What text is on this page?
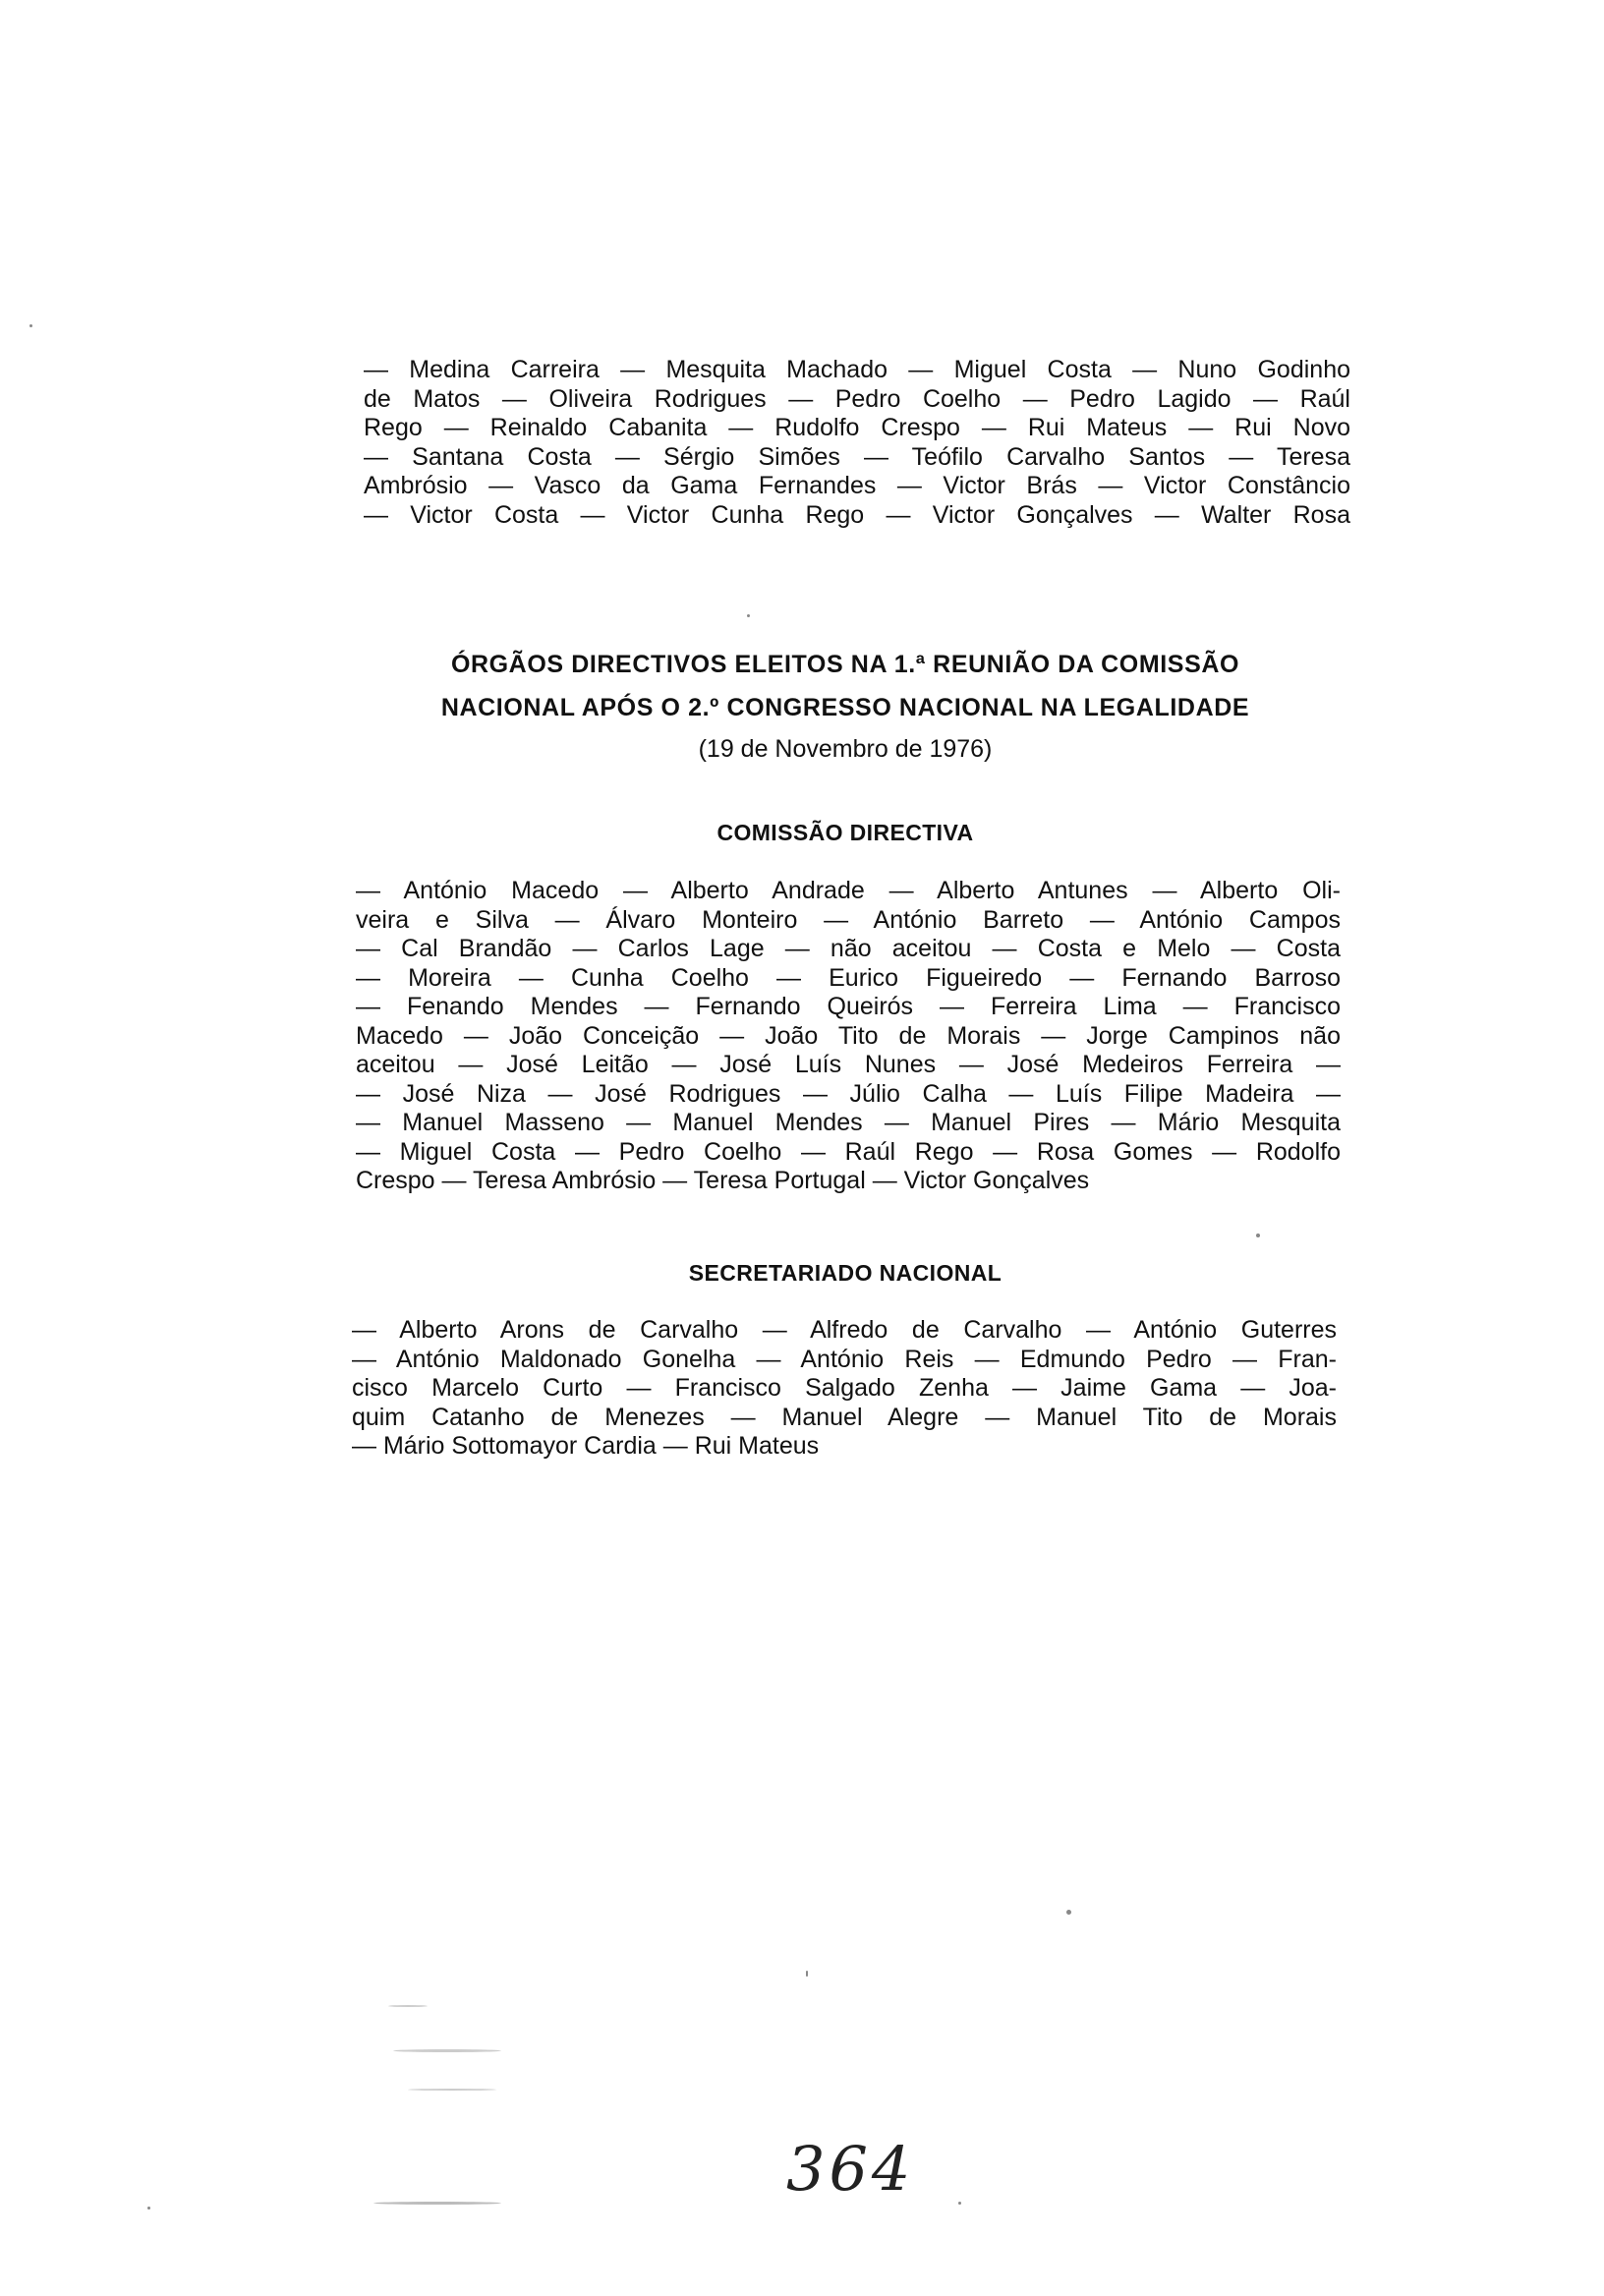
— Medina Carreira — Mesquita Machado — Miguel Costa — Nuno Godinho
de Matos — Oliveira Rodrigues — Pedro Coelho — Pedro Lagido — Raúl
Rego — Reinaldo Cabanita — Rudolfo Crespo — Rui Mateus — Rui Novo
— Santana Costa — Sérgio Simões — Teófilo Carvalho Santos — Teresa
Ambrósio — Vasco da Gama Fernandes — Victor Brás — Victor Constâncio
— Victor Costa — Victor Cunha Rego — Victor Gonçalves — Walter Rosa
ÓRGÃOS DIRECTIVOS ELEITOS NA 1.ª REUNIÃO DA COMISSÃO
NACIONAL APÓS O 2.º CONGRESSO NACIONAL NA LEGALIDADE
(19 de Novembro de 1976)
COMISSÃO DIRECTIVA
— António Macedo — Alberto Andrade — Alberto Antunes — Alberto Oli-
veira e Silva — Álvaro Monteiro — António Barreto — António Campos
— Cal Brandão — Carlos Lage — não aceitou — Costa e Melo — Costa
— Moreira — Cunha Coelho — Eurico Figueiredo — Fernando Barroso
— Fenando Mendes — Fernando Queirós — Ferreira Lima — Francisco
Macedo — João Conceição — João Tito de Morais — Jorge Campinos não
aceitou — José Leitão — José Luís Nunes — José Medeiros Ferreira —
— José Niza — José Rodrigues — Júlio Calha — Luís Filipe Madeira —
— Manuel Masseno — Manuel Mendes — Manuel Pires — Mário Mesquita
— Miguel Costa — Pedro Coelho — Raúl Rego — Rosa Gomes — Rodolfo
Crespo — Teresa Ambrósio — Teresa Portugal — Victor Gonçalves
SECRETARIADO NACIONAL
— Alberto Arons de Carvalho — Alfredo de Carvalho — António Guterres
— António Maldonado Gonelha — António Reis — Edmundo Pedro — Fran-
cisco Marcelo Curto — Francisco Salgado Zenha — Jaime Gama — Joa-
quim Catanho de Menezes — Manuel Alegre — Manuel Tito de Morais
— Mário Sottomayor Cardia — Rui Mateus
364
